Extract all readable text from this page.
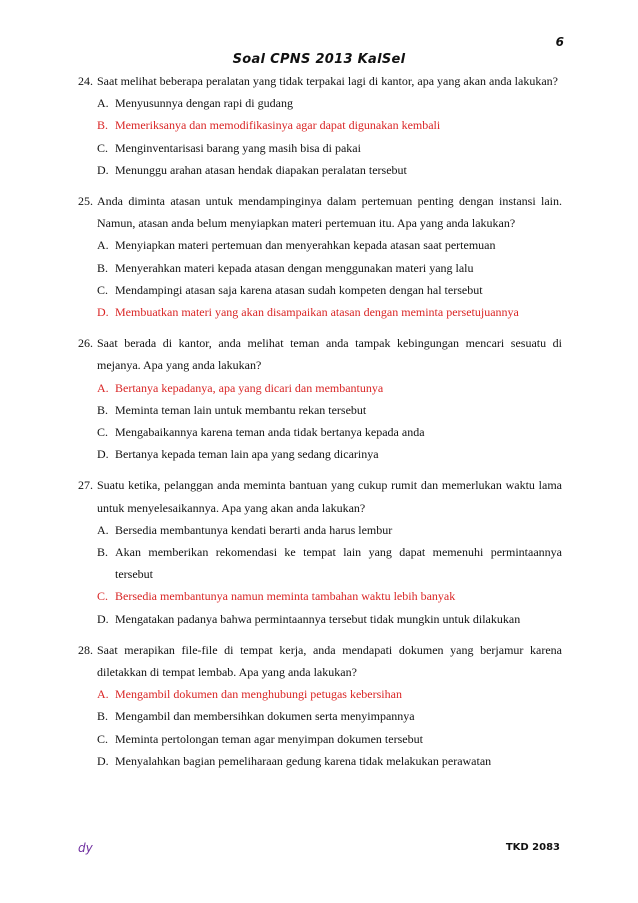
6
Soal CPNS 2013 KalSel
24. Saat melihat beberapa peralatan yang tidak terpakai lagi di kantor, apa yang akan anda lakukan?
A. Menyusunnya dengan rapi di gudang
B. Memeriksanya dan memodifikasinya agar dapat digunakan kembali
C. Menginventarisasi barang yang masih bisa di pakai
D. Menunggu arahan atasan hendak diapakan peralatan tersebut
25. Anda diminta atasan untuk mendampinginya dalam pertemuan penting dengan instansi lain. Namun, atasan anda belum menyiapkan materi pertemuan itu. Apa yang anda lakukan?
A. Menyiapkan materi pertemuan dan menyerahkan kepada atasan saat pertemuan
B. Menyerahkan materi kepada atasan dengan menggunakan materi yang lalu
C. Mendampingi atasan saja karena atasan sudah kompeten dengan hal tersebut
D. Membuatkan materi yang akan disampaikan atasan dengan meminta persetujuannya
26. Saat berada di kantor, anda melihat teman anda tampak kebingungan mencari sesuatu di mejanya. Apa yang anda lakukan?
A. Bertanya kepadanya, apa yang dicari dan membantunya
B. Meminta teman lain untuk membantu rekan tersebut
C. Mengabaikannya karena teman anda tidak bertanya kepada anda
D. Bertanya kepada teman lain apa yang sedang dicarinya
27. Suatu ketika, pelanggan anda meminta bantuan yang cukup rumit dan memerlukan waktu lama untuk menyelesaikannya. Apa yang akan anda lakukan?
A. Bersedia membantunya kendati berarti anda harus lembur
B. Akan memberikan rekomendasi ke tempat lain yang dapat memenuhi permintaannya tersebut
C. Bersedia membantunya namun meminta tambahan waktu lebih banyak
D. Mengatakan padanya bahwa permintaannya tersebut tidak mungkin untuk dilakukan
28. Saat merapikan file-file di tempat kerja, anda mendapati dokumen yang berjamur karena diletakkan di tempat lembab. Apa yang anda lakukan?
A. Mengambil dokumen dan menghubungi petugas kebersihan
B. Mengambil dan membersihkan dokumen serta menyimpannya
C. Meminta pertolongan teman agar menyimpan dokumen tersebut
D. Menyalahkan bagian pemeliharaan gedung karena tidak melakukan perawatan
dy	TKD 2083
